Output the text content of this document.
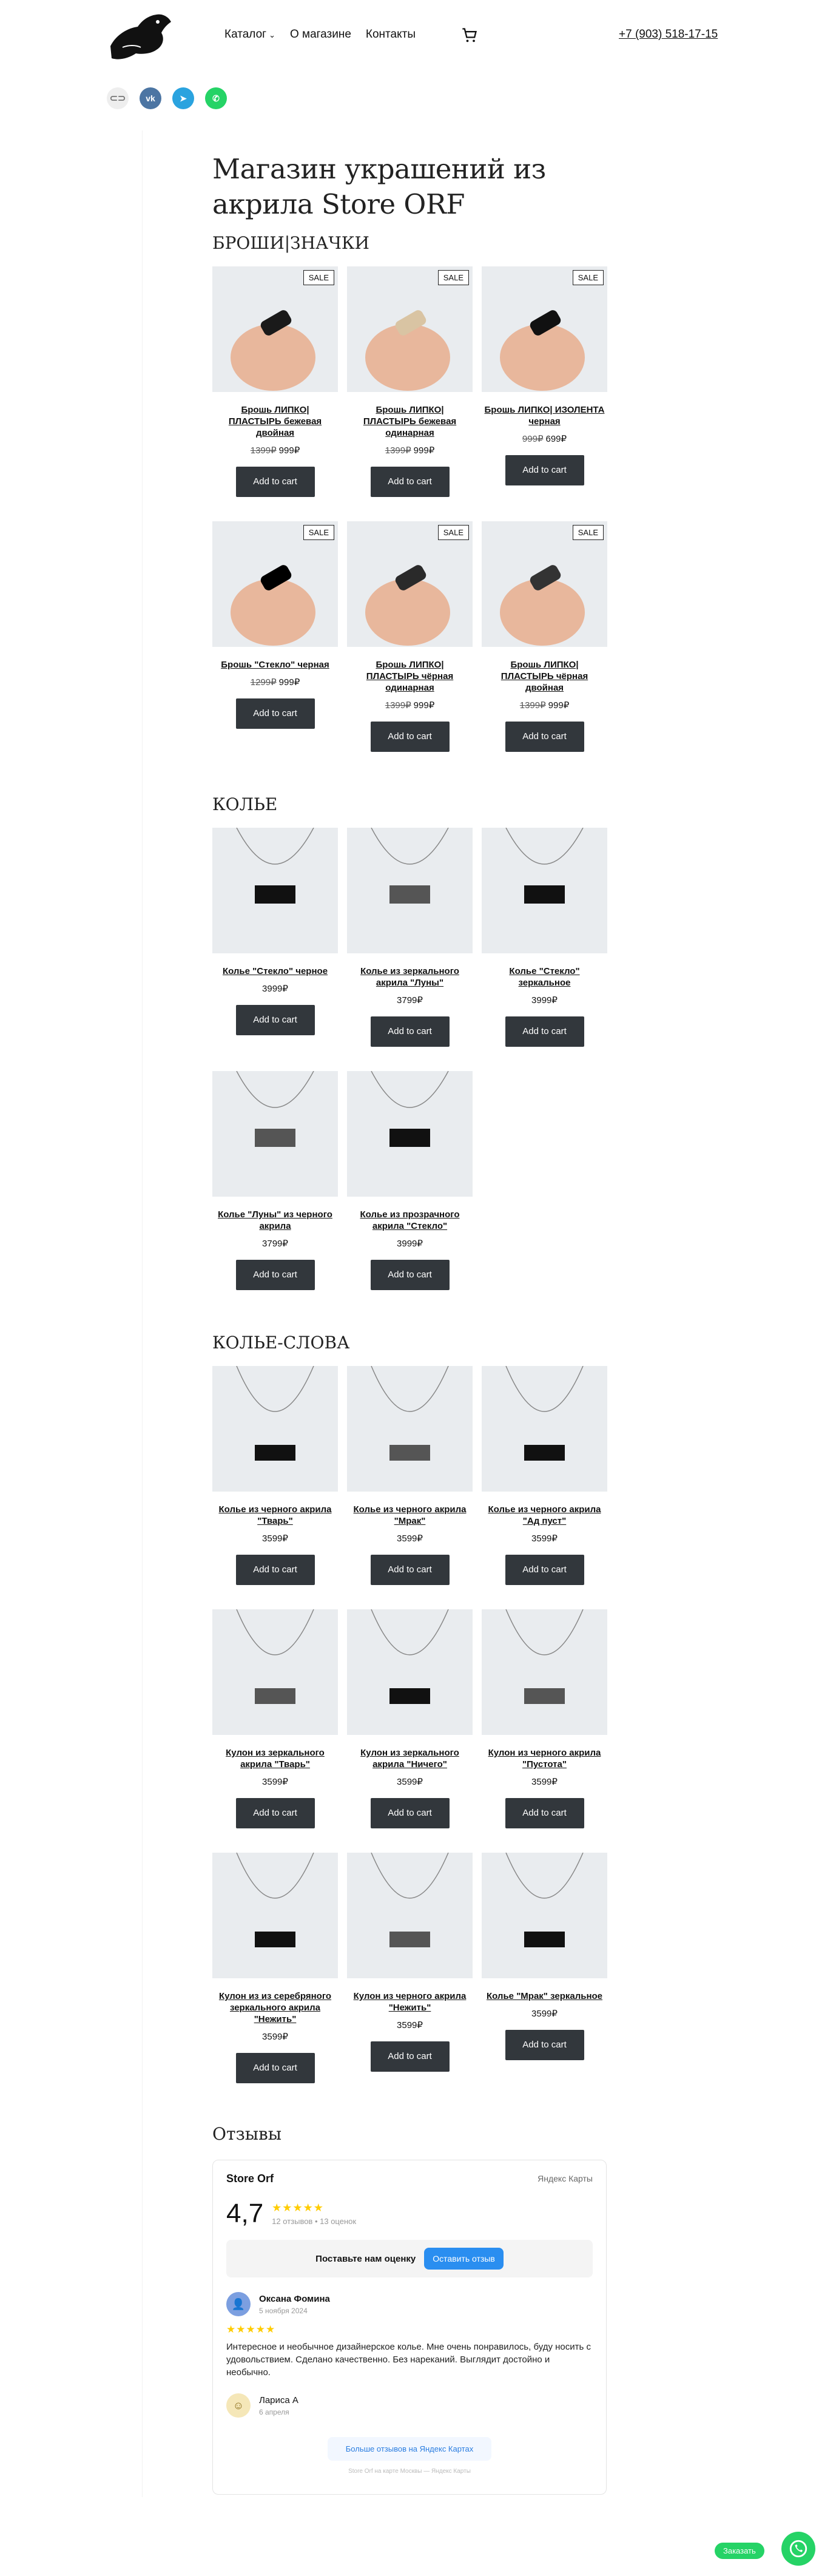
Каталог ⌄ О магазине Контакты	+7 (903) 518-17-15
⊂⊃	vk	➤	✆
Магазин украшений из акрила Store ORF
БРОШИ|ЗНАЧКИ
SALE
Брошь ЛИПКО| ПЛАСТЫРЬ бежевая двойная
1399₽ 999₽
Add to cart
SALE
Брошь ЛИПКО| ПЛАСТЫРЬ бежевая одинарная
1399₽ 999₽
Add to cart
SALE
Брошь ЛИПКО| ИЗОЛЕНТА черная
999₽ 699₽
Add to cart
SALE
Брошь "Стекло" черная
1299₽ 999₽
Add to cart
SALE
Брошь ЛИПКО| ПЛАСТЫРЬ чёрная одинарная
1399₽ 999₽
Add to cart
SALE
Брошь ЛИПКО| ПЛАСТЫРЬ чёрная двойная
1399₽ 999₽
Add to cart
КОЛЬЕ
Колье "Стекло" черное
3999₽
Add to cart
Колье из зеркального акрила "Луны"
3799₽
Add to cart
Колье "Стекло" зеркальное
3999₽
Add to cart
Колье "Луны" из черного акрила
3799₽
Add to cart
Колье из прозрачного акрила "Стекло"
3999₽
Add to cart
КОЛЬЕ-СЛОВА
Колье из черного акрила "Тварь"
3599₽
Add to cart
Колье из черного акрила "Мрак"
3599₽
Add to cart
Колье из черного акрила "Ад пуст"
3599₽
Add to cart
Кулон из зеркального акрила "Тварь"
3599₽
Add to cart
Кулон из зеркального акрила "Ничего"
3599₽
Add to cart
Кулон из черного акрила "Пустота"
3599₽
Add to cart
Кулон из из серебряного зеркального акрила "Нежить"
3599₽
Add to cart
Кулон из черного акрила "Нежить"
3599₽
Add to cart
Колье "Мрак" зеркальное
3599₽
Add to cart
Отзывы
Store Orf	Яндекс Карты
4,7 ★★★★★
12 отзывов • 13 оценок
Поставьте нам оценку	Оставить отзыв
👤	Оксана Фомина
5 ноября 2024
★★★★★
Интересное и необычное дизайнерское колье. Мне очень понравилось, буду носить с удовольствием. Сделано качественно. Без нареканий. Выглядит достойно и необычно.
☺	Лариса А
6 апреля
Больше отзывов на Яндекс Картах
Store Orf на карте Москвы — Яндекс Карты
Заказать
